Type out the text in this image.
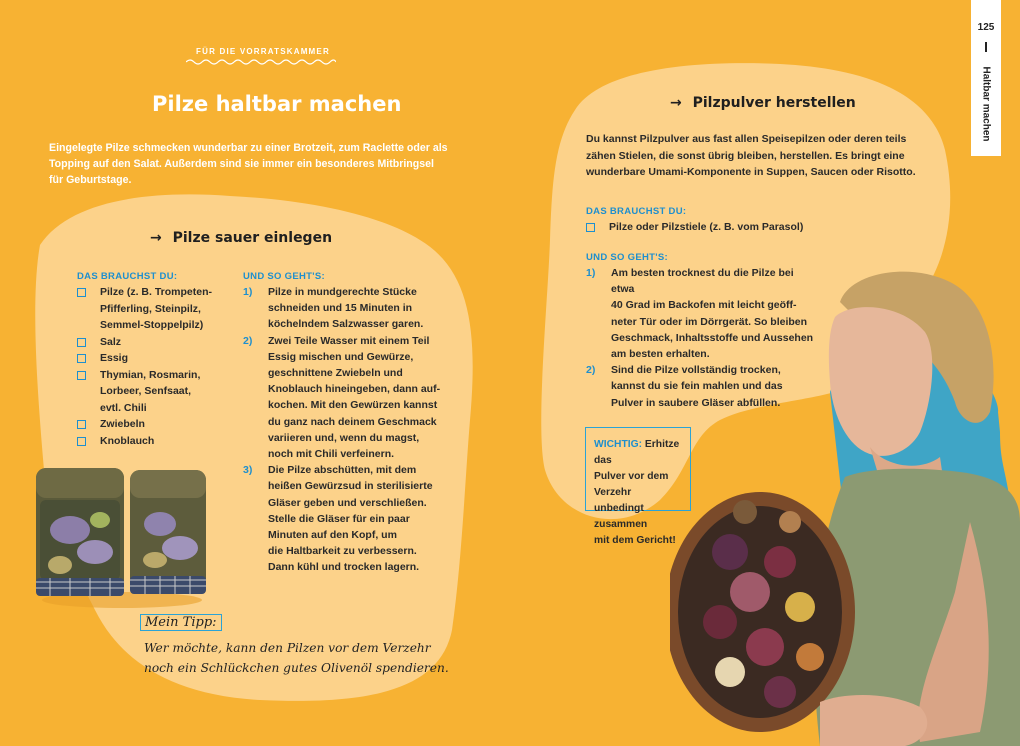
FÜR DIE VORRATSKAMMER
Pilze haltbar machen
Eingelegte Pilze schmecken wunderbar zu einer Brotzeit, zum Raclette oder als Topping auf den Salat. Außerdem sind sie immer ein besonderes Mitbringsel für Geburtstage.
→ Pilze sauer einlegen
DAS BRAUCHST DU:
Pilze (z. B. Trompeten-
Pfifferling, Steinpilz,
Semmel-Stoppelpilz)
Salz
Essig
Thymian, Rosmarin,
Lorbeer, Senfsaat,
evtl. Chili
Zwiebeln
Knoblauch
UND SO GEHT'S:
1) Pilze in mundgerechte Stücke
schneiden und 15 Minuten in
köchelndem Salzwasser garen.
2) Zwei Teile Wasser mit einem Teil
Essig mischen und Gewürze,
geschnittene Zwiebeln und
Knoblauch hineingeben, dann auf-
kochen. Mit den Gewürzen kannst
du ganz nach deinem Geschmack
variieren und, wenn du magst,
noch mit Chili verfeinern.
3) Die Pilze abschütten, mit dem
heißen Gewürzsud in sterilisierte
Gläser geben und verschließen.
Stelle die Gläser für ein paar
Minuten auf den Kopf, um
die Haltbarkeit zu verbessern.
Dann kühl und trocken lagern.
Mein Tipp:
Wer möchte, kann den Pilzen vor dem Verzehr
noch ein Schlückchen gutes Olivenöl spendieren.
→ Pilzpulver herstellen
Du kannst Pilzpulver aus fast allen Speisepilzen oder deren teils
zähen Stielen, die sonst übrig bleiben, herstellen. Es bringt eine
wunderbare Umami-Komponente in Suppen, Saucen oder Risotto.
DAS BRAUCHST DU:
Pilze oder Pilzstiele (z. B. vom Parasol)
UND SO GEHT'S:
1) Am besten trocknest du die Pilze bei etwa
40 Grad im Backofen mit leicht geöff-
neter Tür oder im Dörrgerät. So bleiben
Geschmack, Inhaltsstoffe und Aussehen
am besten erhalten.
2) Sind die Pilze vollständig trocken,
kannst du sie fein mahlen und das
Pulver in saubere Gläser abfüllen.
WICHTIG: Erhitze das
Pulver vor dem Verzehr
unbedingt zusammen
mit dem Gericht!
125
Haltbar machen
